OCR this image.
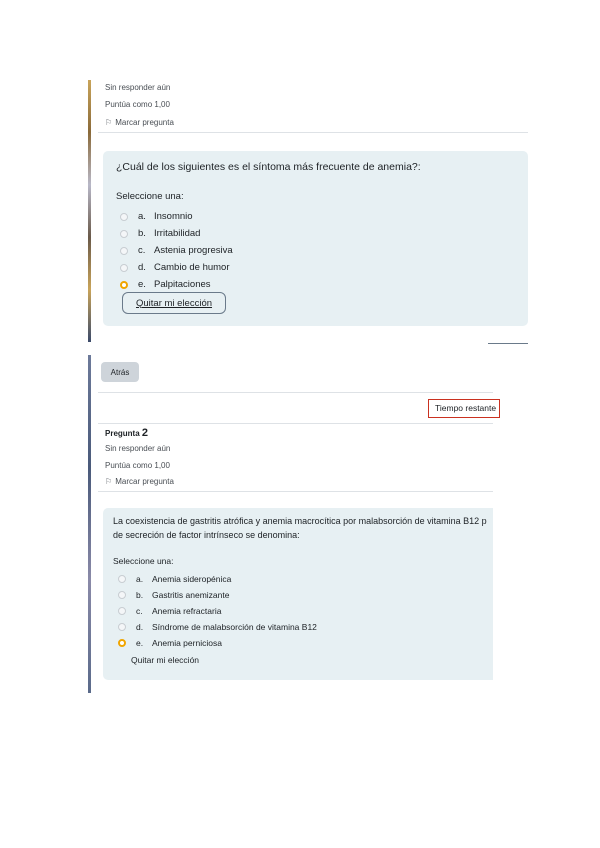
Sin responder aún
Puntúa como 1,00
⚐ Marcar pregunta
¿Cuál de los siguientes es el síntoma más frecuente de anemia?:
Seleccione una:
a. Insomnio
b. Irritabilidad
c. Astenia progresiva
d. Cambio de humor
e. Palpitaciones
Quitar mi elección
Atrás
Tiempo restante
Pregunta 2
Sin responder aún
Puntúa como 1,00
⚐ Marcar pregunta
La coexistencia de gastritis atrófica y anemia macrocítica por malabsorción de vitamina B12 p
de secreción de factor intrínseco se denomina:
Seleccione una:
a.	Anemia sideropénica
b.	Gastritis anemizante
c.	Anemia refractaria
d.	Síndrome de malabsorción de vitamina B12
e.	Anemia perniciosa
Quitar mi elección
